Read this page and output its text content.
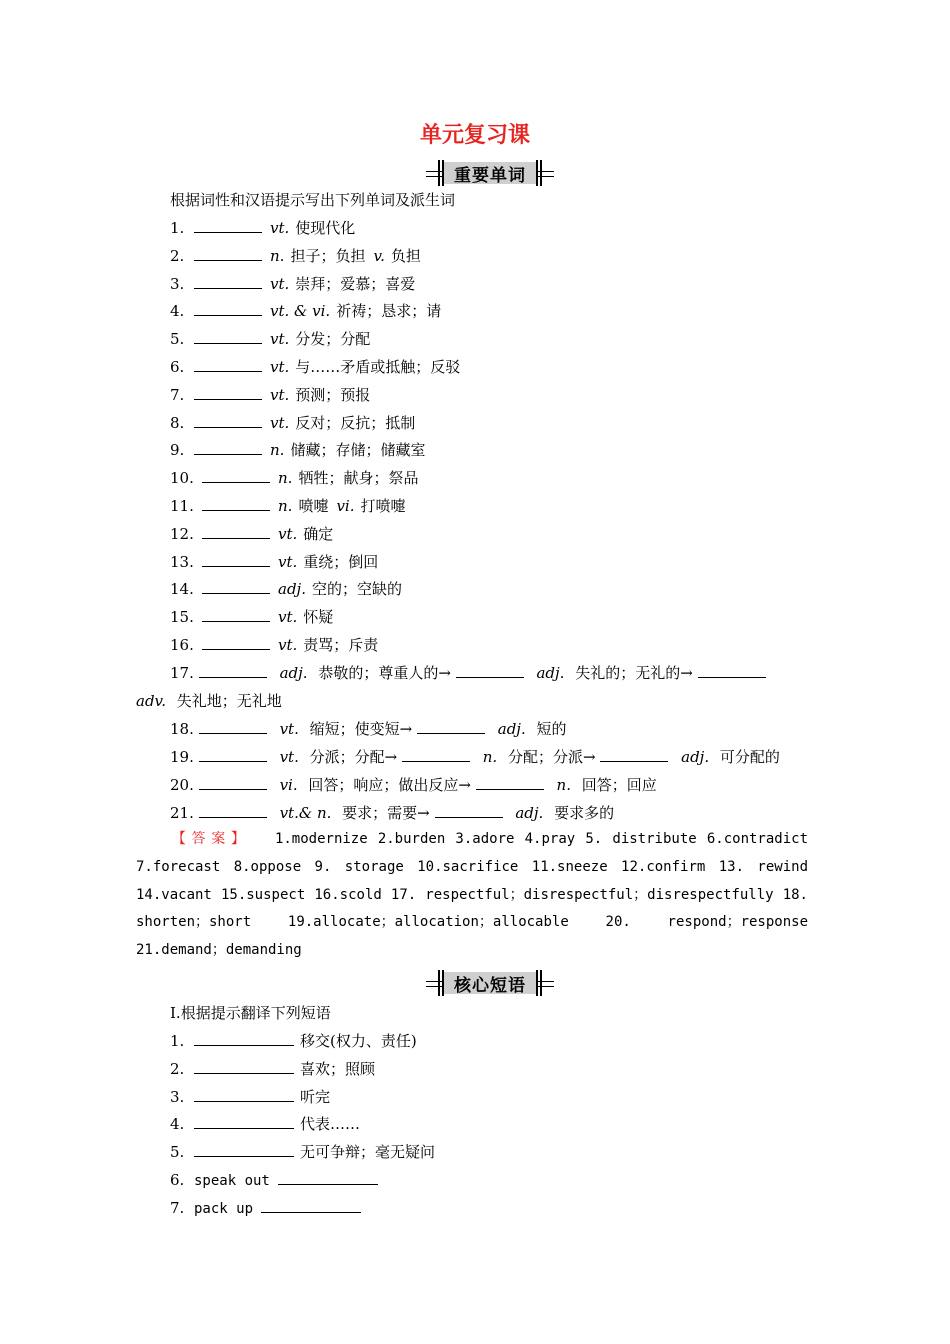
单元复习课
重要单词
根据词性和汉语提示写出下列单词及派生词
1.	vt. 使现代化
2.	n. 担子；负担 v. 负担
3.	vt. 崇拜；爱慕；喜爱
4.	vt. & vi. 祈祷；恳求；请
5.	vt. 分发；分配
6.	vt. 与……矛盾或抵触；反驳
7.	vt. 预测；预报
8.	vt. 反对；反抗；抵制
9.	n. 储藏；存储；储藏室
10.	n. 牺牲；献身；祭品
11.	n. 喷嚏 vi. 打喷嚏
12.	vt. 确定
13.	vt. 重绕；倒回
14.	adj. 空的；空缺的
15.	vt. 怀疑
16.	vt. 责骂；斥责
17.	adj. 恭敬的；尊重人的→	adj. 失礼的；无礼的→
adv. 失礼地；无礼地
18.	vt. 缩短；使变短→	adj. 短的
19.	vt. 分派；分配→	n. 分配；分派→	adj. 可分配的
20.	vi. 回答；响应；做出反应→	n. 回答；回应
21.	vt.& n. 要求；需要→	adj. 要求多的
【答案】 1.modernize 2.burden 3.adore 4.pray 5. distribute 6.contradict 7.forecast 8.oppose 9. storage 10.sacrifice 11.sneeze 12.confirm 13. rewind 14.vacant 15.suspect 16.scold 17. respectful；disrespectful；disrespectfully 18. shorten；short 19.allocate；allocation；allocable 20. respond；response 21.demand；demanding
核心短语
Ⅰ.根据提示翻译下列短语
1.	移交(权力、责任)
2.	喜欢；照顾
3.	听完
4.	代表……
5.	无可争辩；毫无疑问
6. speak out
7. pack up
